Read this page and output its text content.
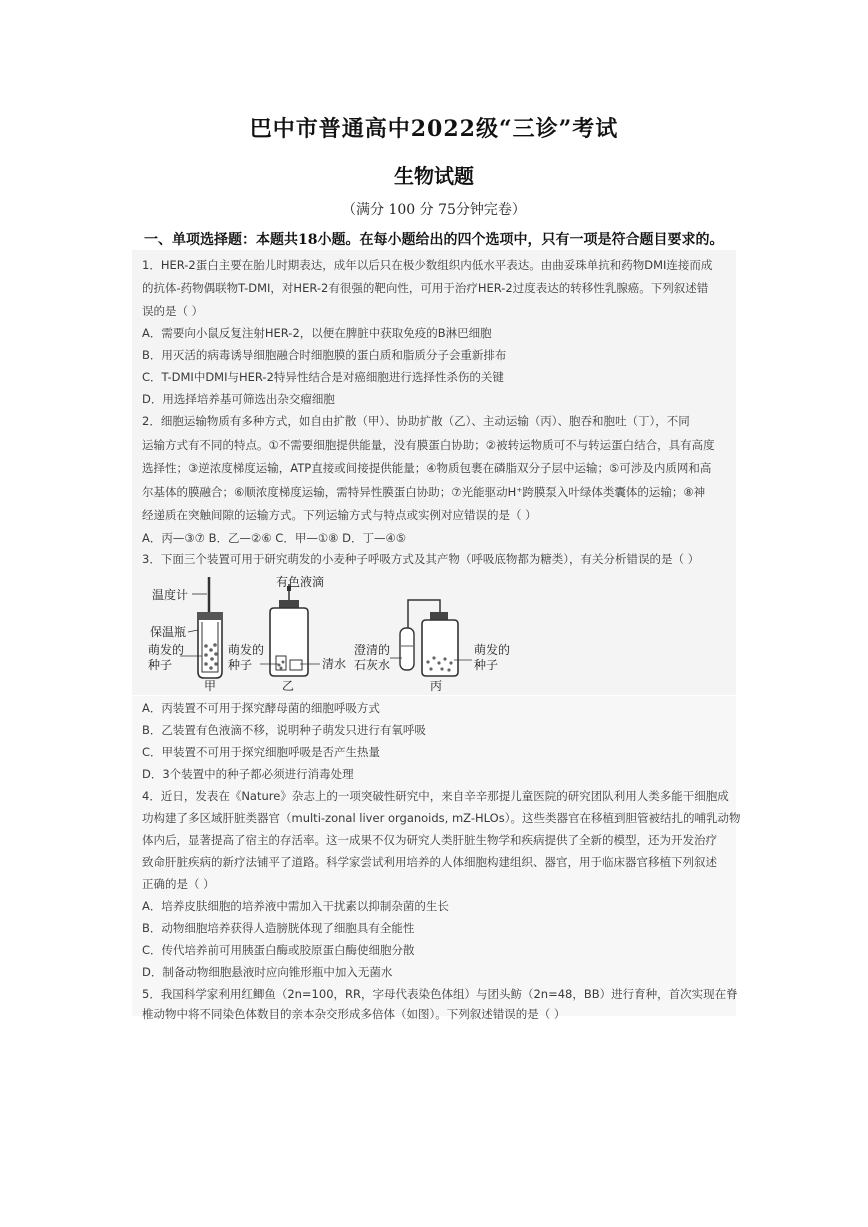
巴中市普通高中2022级“三诊”考试
生物试题
（满分 100 分 75分钟完卷）
一、单项选择题：本题共18小题。在每小题给出的四个选项中，只有一项是符合题目要求的。
1．HER-2蛋白主要在胎儿时期表达，成年以后只在极少数组织内低水平表达。由曲妥珠单抗和药物DMI连接而成
的抗体-药物偶联物T-DMI，对HER-2有很强的靶向性，可用于治疗HER-2过度表达的转移性乳腺癌。下列叙述错
误的是（ ）
A．需要向小鼠反复注射HER-2，以便在脾脏中获取免疫的B淋巴细胞
B．用灭活的病毒诱导细胞融合时细胞膜的蛋白质和脂质分子会重新排布
C．T-DMI中DMI与HER-2特异性结合是对癌细胞进行选择性杀伤的关键
D．用选择培养基可筛选出杂交瘤细胞
2．细胞运输物质有多种方式，如自由扩散（甲）、协助扩散（乙）、主动运输（丙）、胞吞和胞吐（丁），不同
运输方式有不同的特点。①不需要细胞提供能量，没有膜蛋白协助；②被转运物质可不与转运蛋白结合，具有高度
选择性；③逆浓度梯度运输，ATP直接或间接提供能量；④物质包裹在磷脂双分子层中运输；⑤可涉及内质网和高
尔基体的膜融合；⑥顺浓度梯度运输，需特异性膜蛋白协助；⑦光能驱动H⁺跨膜泵入叶绿体类囊体的运输；⑧神
经递质在突触间隙的运输方式。下列运输方式与特点或实例对应错误的是（ ）
A．丙—③⑦ B．乙—②⑥ C．甲—①⑧ D．丁—④⑤
3．下面三个装置可用于研究萌发的小麦种子呼吸方式及其产物（呼吸底物都为糖类），有关分析错误的是（ ）
温度计
保温瓶
萌发的
种子
甲
有色液滴
萌发的
种子	清水
乙
澄清的
石灰水
萌发的
种子
丙
A．丙装置不可用于探究酵母菌的细胞呼吸方式
B．乙装置有色液滴不移，说明种子萌发只进行有氧呼吸
C．甲装置不可用于探究细胞呼吸是否产生热量
D．3个装置中的种子都必须进行消毒处理
4．近日，发表在《Nature》杂志上的一项突破性研究中，来自辛辛那提儿童医院的研究团队利用人类多能干细胞成
功构建了多区域肝脏类器官（multi-zonal liver organoids, mZ-HLOs）。这些类器官在移植到胆管被结扎的哺乳动物
体内后，显著提高了宿主的存活率。这一成果不仅为研究人类肝脏生物学和疾病提供了全新的模型，还为开发治疗
致命肝脏疾病的新疗法铺平了道路。科学家尝试利用培养的人体细胞构建组织、器官，用于临床器官移植下列叙述
正确的是（ ）
A．培养皮肤细胞的培养液中需加入干扰素以抑制杂菌的生长
B．动物细胞培养获得人造膀胱体现了细胞具有全能性
C．传代培养前可用胰蛋白酶或胶原蛋白酶使细胞分散
D．制备动物细胞悬液时应向锥形瓶中加入无菌水
5．我国科学家利用红鲫鱼（2n=100，RR，字母代表染色体组）与团头鲂（2n=48，BB）进行育种，首次实现在脊
椎动物中将不同染色体数目的亲本杂交形成多倍体（如图）。下列叙述错误的是（ ）
